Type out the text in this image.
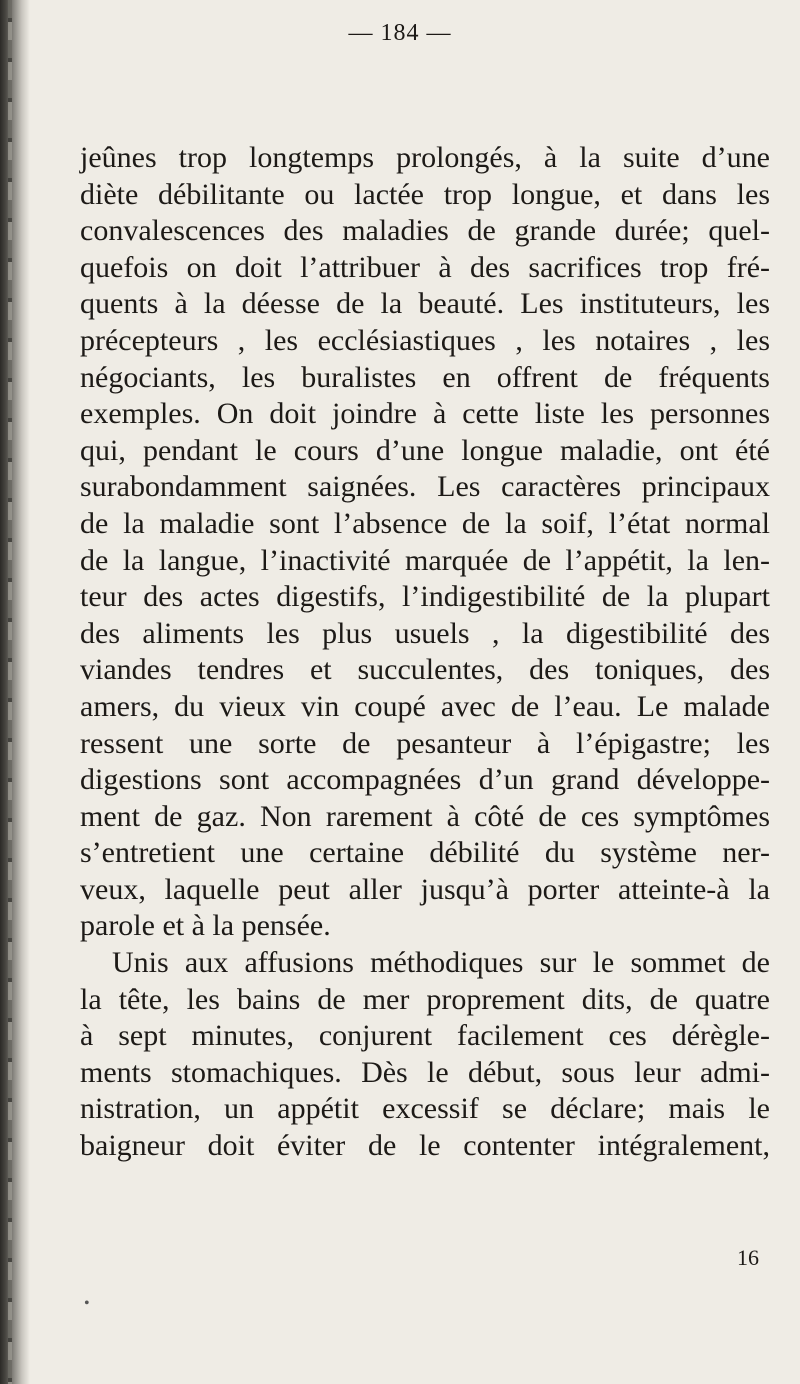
— 184 —
jeûnes trop longtemps prolongés, à la suite d’une
diète débilitante ou lactée trop longue, et dans les
convalescences des maladies de grande durée; quel-
quefois on doit l’attribuer à des sacrifices trop fré-
quents à la déesse de la beauté. Les instituteurs, les
précepteurs , les ecclésiastiques , les notaires , les
négociants, les buralistes en offrent de fréquents
exemples. On doit joindre à cette liste les personnes
qui, pendant le cours d’une longue maladie, ont été
surabondamment saignées. Les caractères principaux
de la maladie sont l’absence de la soif, l’état normal
de la langue, l’inactivité marquée de l’appétit, la len-
teur des actes digestifs, l’indigestibilité de la plupart
des aliments les plus usuels , la digestibilité des
viandes tendres et succulentes, des toniques, des
amers, du vieux vin coupé avec de l’eau. Le malade
ressent une sorte de pesanteur à l’épigastre; les
digestions sont accompagnées d’un grand développe-
ment de gaz. Non rarement à côté de ces symptômes
s’entretient une certaine débilité du système ner-
veux, laquelle peut aller jusqu’à porter atteinte-à la
parole et à la pensée.
Unis aux affusions méthodiques sur le sommet de
la tête, les bains de mer proprement dits, de quatre
à sept minutes, conjurent facilement ces dérègle-
ments stomachiques. Dès le début, sous leur admi-
nistration, un appétit excessif se déclare; mais le
baigneur doit éviter de le contenter intégralement,
16
•
